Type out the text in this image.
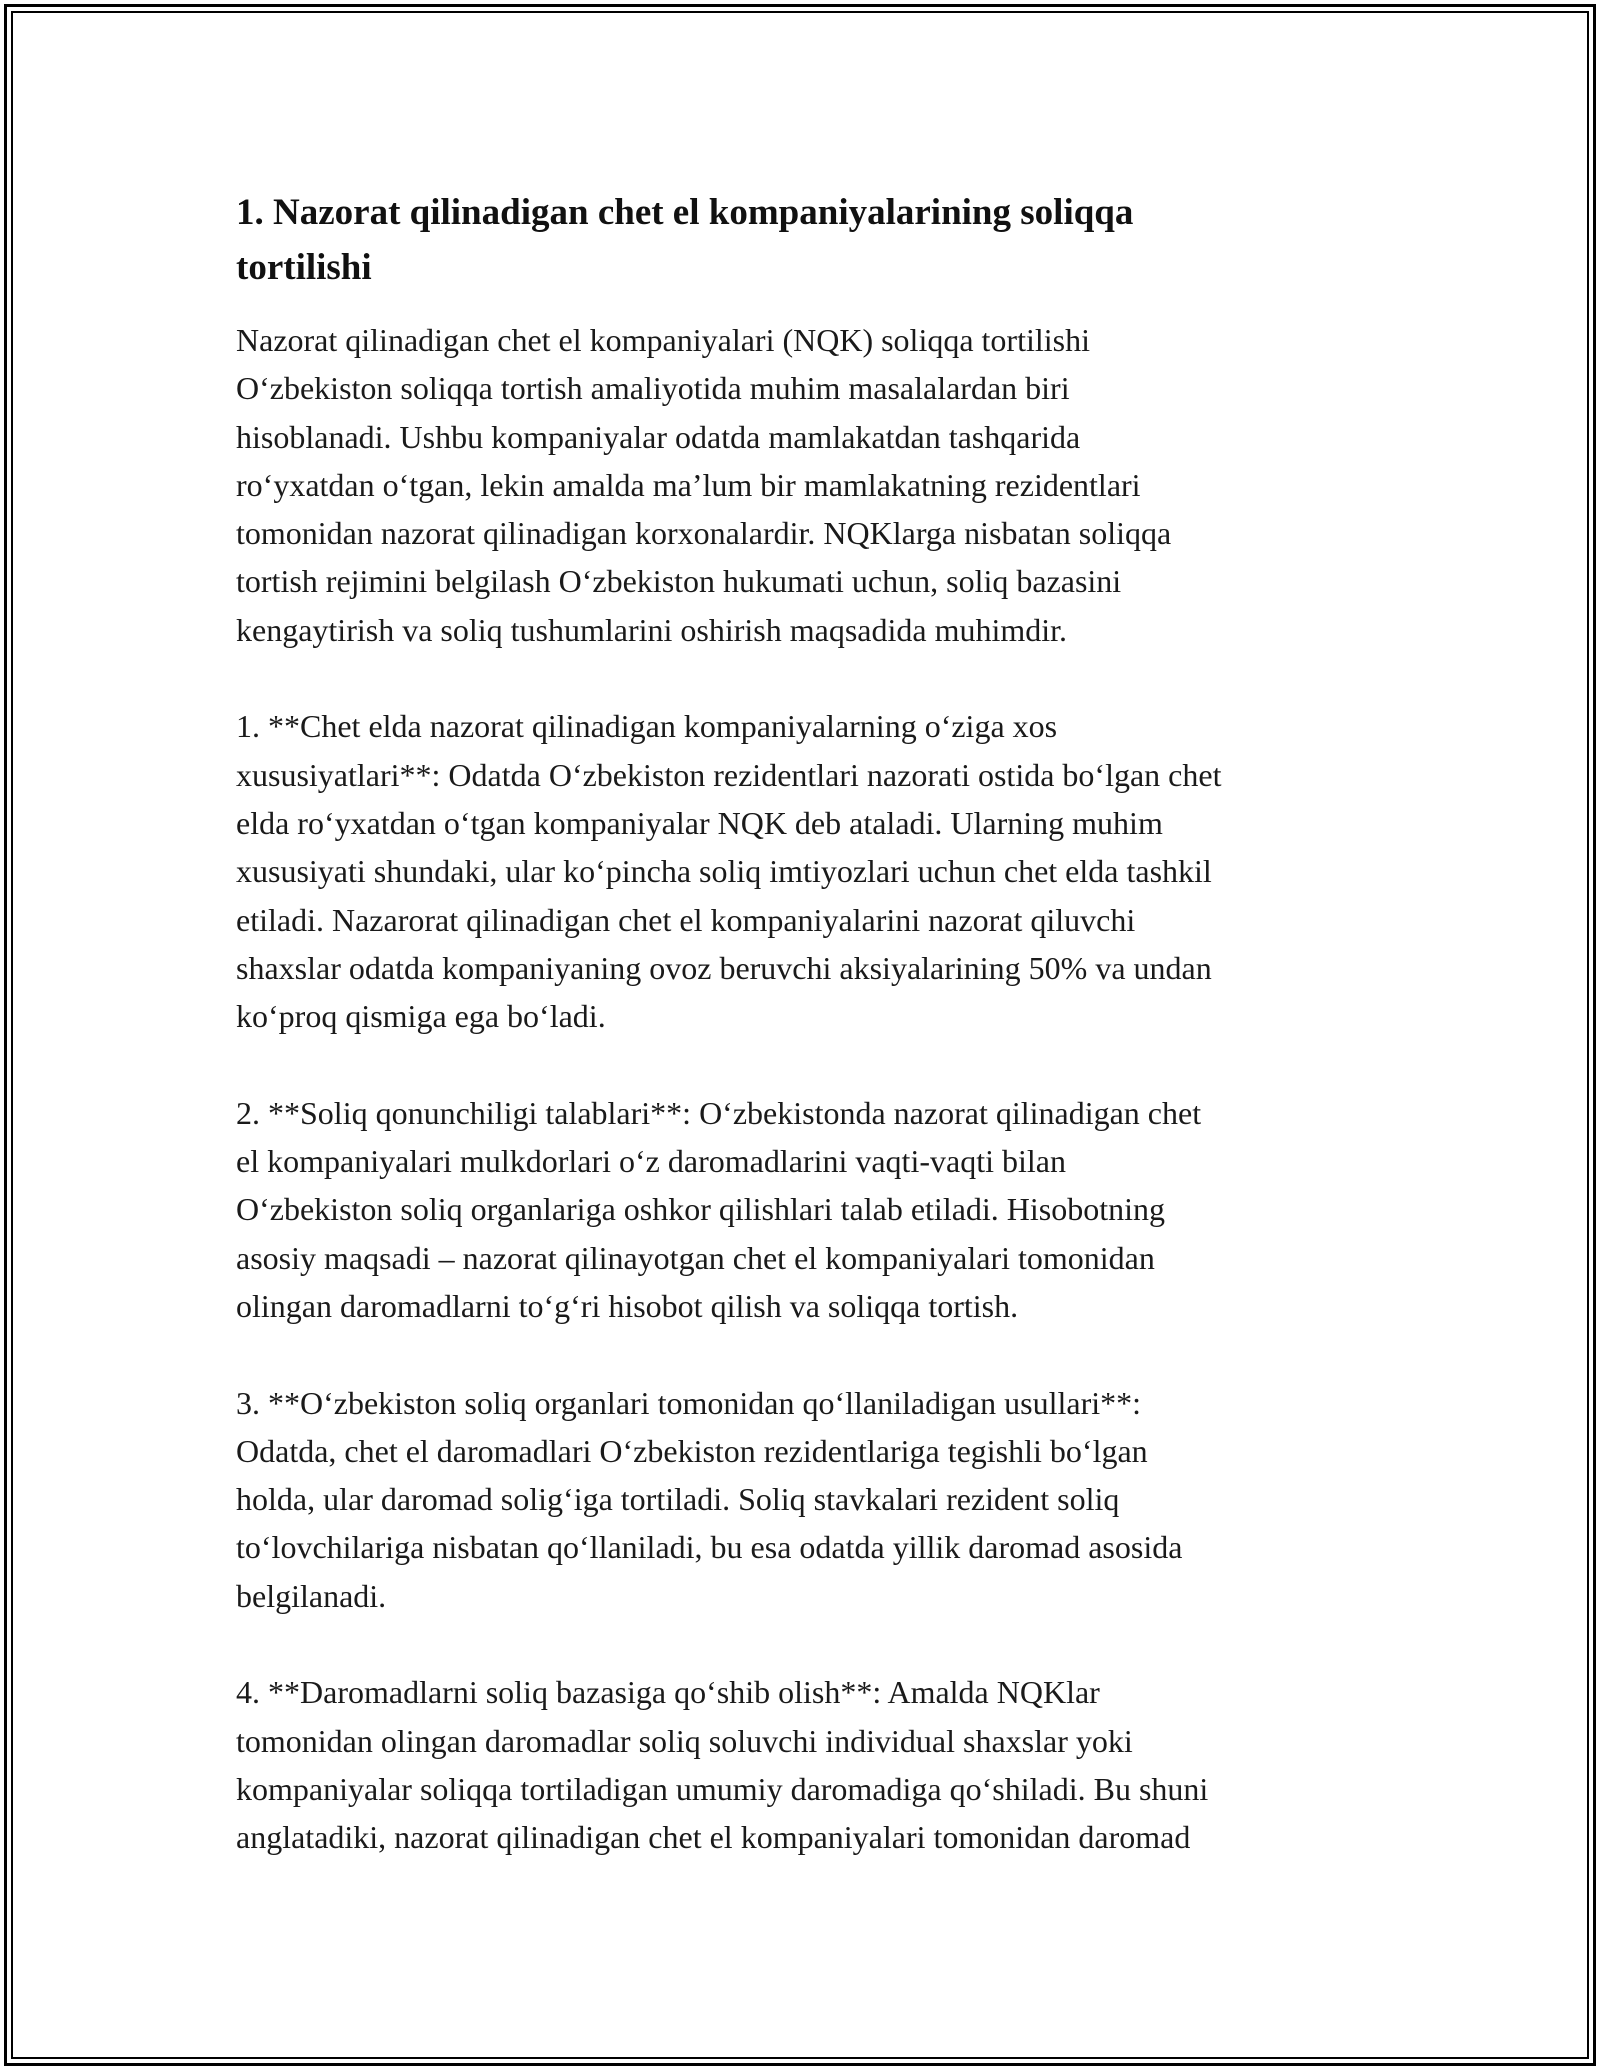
1. Nazorat qilinadigan chet el kompaniyalarining soliqqa
tortilishi

Nazorat qilinadigan chet el kompaniyalari (NQK) soliqqa tortilishi
O‘zbekiston soliqqa tortish amaliyotida muhim masalalardan biri
hisoblanadi. Ushbu kompaniyalar odatda mamlakatdan tashqarida
ro‘yxatdan o‘tgan, lekin amalda ma’lum bir mamlakatning rezidentlari
tomonidan nazorat qilinadigan korxonalardir. NQKlarga nisbatan soliqqa
tortish rejimini belgilash O‘zbekiston hukumati uchun, soliq bazasini
kengaytirish va soliq tushumlarini oshirish maqsadida muhimdir.

1. **Chet elda nazorat qilinadigan kompaniyalarning o‘ziga xos
xususiyatlari**: Odatda O‘zbekiston rezidentlari nazorati ostida bo‘lgan chet
elda ro‘yxatdan o‘tgan kompaniyalar NQK deb ataladi. Ularning muhim
xususiyati shundaki, ular ko‘pincha soliq imtiyozlari uchun chet elda tashkil
etiladi. Nazarorat qilinadigan chet el kompaniyalarini nazorat qiluvchi
shaxslar odatda kompaniyaning ovoz beruvchi aksiyalarining 50% va undan
ko‘proq qismiga ega bo‘ladi.

2. **Soliq qonunchiligi talablari**: O‘zbekistonda nazorat qilinadigan chet
el kompaniyalari mulkdorlari o‘z daromadlarini vaqti-vaqti bilan
O‘zbekiston soliq organlariga oshkor qilishlari talab etiladi. Hisobotning
asosiy maqsadi – nazorat qilinayotgan chet el kompaniyalari tomonidan
olingan daromadlarni to‘g‘ri hisobot qilish va soliqqa tortish.

3. **O‘zbekiston soliq organlari tomonidan qo‘llaniladigan usullari**:
Odatda, chet el daromadlari O‘zbekiston rezidentlariga tegishli bo‘lgan
holda, ular daromad solig‘iga tortiladi. Soliq stavkalari rezident soliq
to‘lovchilariga nisbatan qo‘llaniladi, bu esa odatda yillik daromad asosida
belgilanadi.

4. **Daromadlarni soliq bazasiga qo‘shib olish**: Amalda NQKlar
tomonidan olingan daromadlar soliq soluvchi individual shaxslar yoki
kompaniyalar soliqqa tortiladigan umumiy daromadiga qo‘shiladi. Bu shuni
anglatadiki, nazorat qilinadigan chet el kompaniyalari tomonidan daromad
